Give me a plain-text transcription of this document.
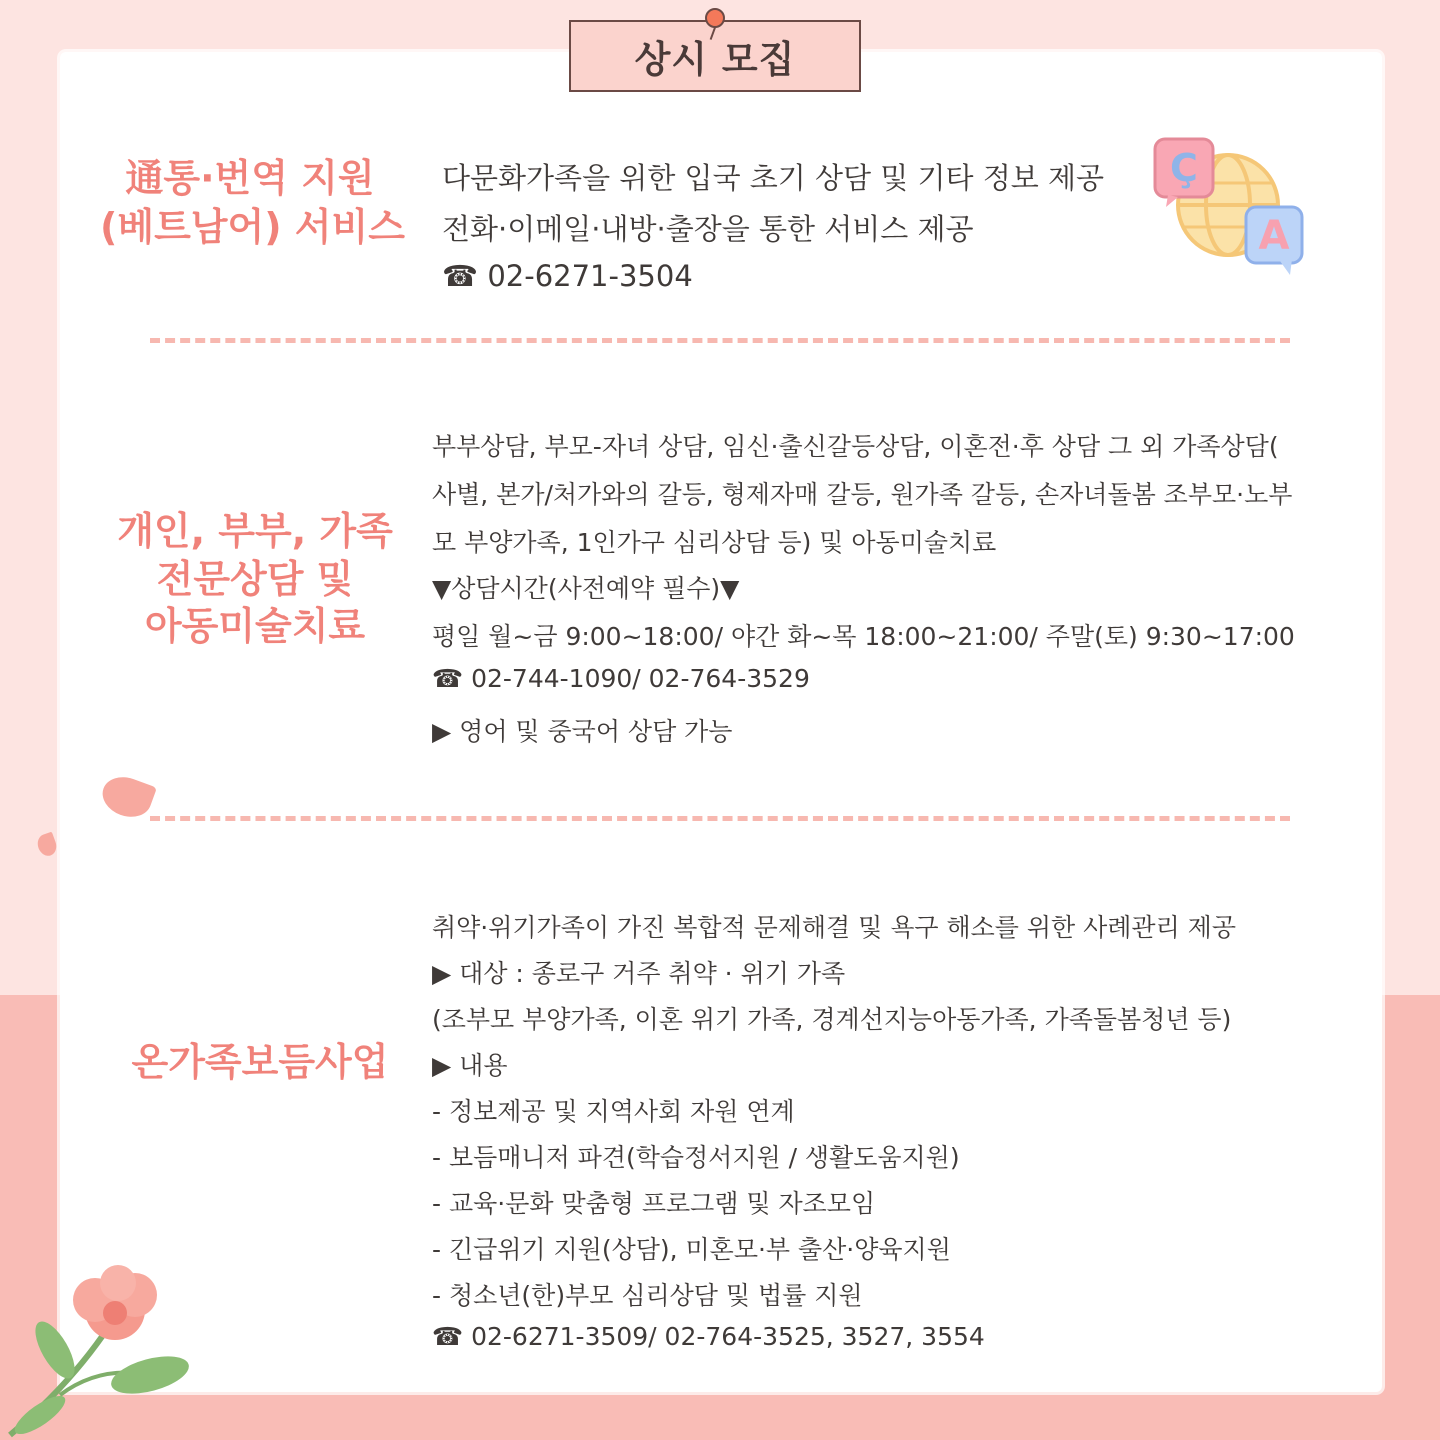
상시 모집
通통·번역 지원
(베트남어) 서비스
다문화가족을 위한 입국 초기 상담 및 기타 정보 제공
전화·이메일·내방·출장을 통한 서비스 제공
☎ 02-6271-3504
Ç
A
개인, 부부, 가족
전문상담 및
아동미술치료
부부상담, 부모-자녀 상담, 임신·출신갈등상담, 이혼전·후 상담 그 외 가족상담(
사별, 본가/처가와의 갈등, 형제자매 갈등, 원가족 갈등, 손자녀돌봄 조부모·노부
모 부양가족, 1인가구 심리상담 등) 및 아동미술치료
▼상담시간(사전예약 필수)▼
평일 월~금 9:00~18:00/ 야간 화~목 18:00~21:00/ 주말(토) 9:30~17:00
☎ 02-744-1090/ 02-764-3529
▶ 영어 및 중국어 상담 가능
온가족보듬사업
취약·위기가족이 가진 복합적 문제해결 및 욕구 해소를 위한 사례관리 제공
▶ 대상 : 종로구 거주 취약 · 위기 가족
(조부모 부양가족, 이혼 위기 가족, 경계선지능아동가족, 가족돌봄청년 등)
▶ 내용
- 정보제공 및 지역사회 자원 연계
- 보듬매니저 파견(학습정서지원 / 생활도움지원)
- 교육·문화 맞춤형 프로그램 및 자조모임
- 긴급위기 지원(상담), 미혼모·부 출산·양육지원
- 청소년(한)부모 심리상담 및 법률 지원
☎ 02-6271-3509/ 02-764-3525, 3527, 3554
